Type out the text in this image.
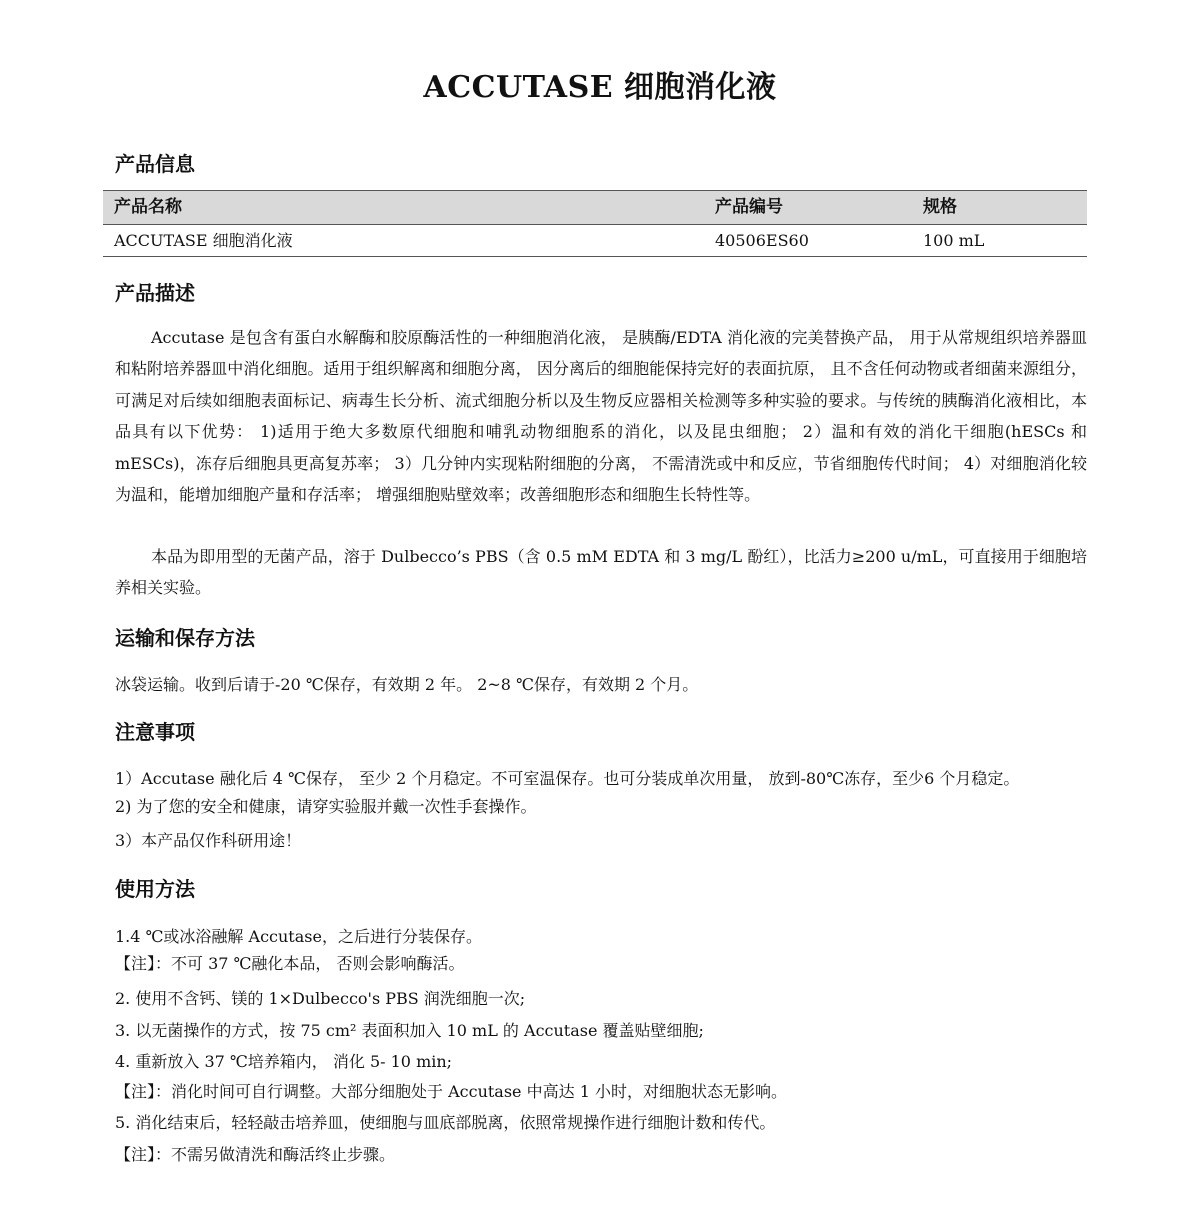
ACCUTASE 细胞消化液
产品信息
产品名称	产品编号	规格
ACCUTASE 细胞消化液	40506ES60	100 mL
产品描述

Accutase 是包含有蛋白水解酶和胶原酶活性的一种细胞消化液， 是胰酶/EDTA 消化液的完美替换产品， 用于从常规组织培养器皿和粘附培养器皿中消化细胞。适用于组织解离和细胞分离， 因分离后的细胞能保持完好的表面抗原， 且不含任何动物或者细菌来源组分， 可满足对后续如细胞表面标记、病毒生长分析、流式细胞分析以及生物反应器相关检测等多种实验的要求。与传统的胰酶消化液相比，本品具有以下优势： 1)适用于绝大多数原代细胞和哺乳动物细胞系的消化，以及昆虫细胞； 2）温和有效的消化干细胞(hESCs 和mESCs)，冻存后细胞具更高复苏率； 3）几分钟内实现粘附细胞的分离， 不需清洗或中和反应，节省细胞传代时间； 4）对细胞消化较为温和，能增加细胞产量和存活率； 增强细胞贴壁效率；改善细胞形态和细胞生长特性等。

本品为即用型的无菌产品，溶于 Dulbecco’s PBS（含 0.5 mM EDTA 和 3 mg/L 酚红），比活力≥200 u/mL，可直接用于细胞培养相关实验。

运输和保存方法
冰袋运输。收到后请于-20 ℃保存，有效期 2 年。 2~8 ℃保存，有效期 2 个月。
注意事项
1）Accutase 融化后 4 ℃保存， 至少 2 个月稳定。不可室温保存。也可分装成单次用量， 放到-80℃冻存，至少6 个月稳定。
2) 为了您的安全和健康，请穿实验服并戴一次性手套操作。
3）本产品仅作科研用途！
使用方法
1.4 ℃或冰浴融解 Accutase，之后进行分装保存。
【注】：不可 37 ℃融化本品， 否则会影响酶活。
2. 使用不含钙、镁的 1×Dulbecco's PBS 润洗细胞一次;
3. 以无菌操作的方式，按 75 cm² 表面积加入 10 mL 的 Accutase 覆盖贴壁细胞;
4. 重新放入 37 ℃培养箱内， 消化 5- 10 min;
【注】：消化时间可自行调整。大部分细胞处于 Accutase 中高达 1 小时，对细胞状态无影响。
5. 消化结束后，轻轻敲击培养皿，使细胞与皿底部脱离，依照常规操作进行细胞计数和传代。
【注】：不需另做清洗和酶活终止步骤。
